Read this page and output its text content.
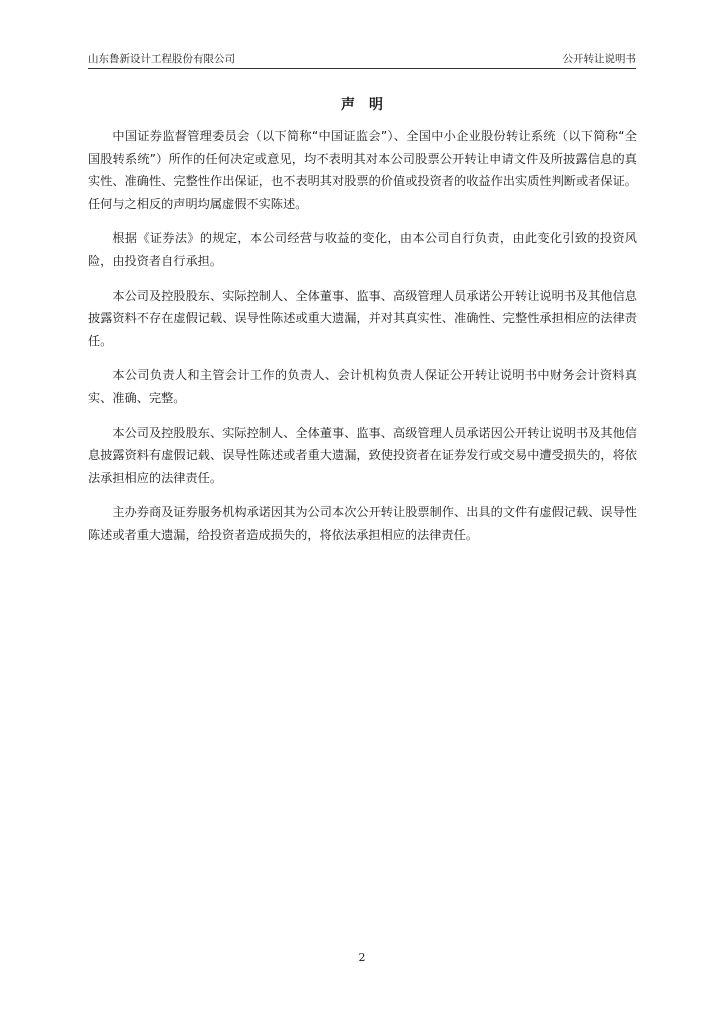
山东鲁新设计工程股份有限公司	公开转让说明书
声明

中国证券监督管理委员会（以下简称“中国证监会”）、全国中小企业股份转让系统（以下简称“全国股转系统”）所作的任何决定或意见，均不表明其对本公司股票公开转让申请文件及所披露信息的真实性、准确性、完整性作出保证，也不表明其对股票的价值或投资者的收益作出实质性判断或者保证。任何与之相反的声明均属虚假不实陈述。

根据《证券法》的规定，本公司经营与收益的变化，由本公司自行负责，由此变化引致的投资风险，由投资者自行承担。

本公司及控股股东、实际控制人、全体董事、监事、高级管理人员承诺公开转让说明书及其他信息披露资料不存在虚假记载、误导性陈述或重大遗漏，并对其真实性、准确性、完整性承担相应的法律责任。

本公司负责人和主管会计工作的负责人、会计机构负责人保证公开转让说明书中财务会计资料真实、准确、完整。

本公司及控股股东、实际控制人、全体董事、监事、高级管理人员承诺因公开转让说明书及其他信息披露资料有虚假记载、误导性陈述或者重大遗漏，致使投资者在证券发行或交易中遭受损失的，将依法承担相应的法律责任。

主办券商及证券服务机构承诺因其为公司本次公开转让股票制作、出具的文件有虚假记载、误导性陈述或者重大遗漏，给投资者造成损失的，将依法承担相应的法律责任。

2
